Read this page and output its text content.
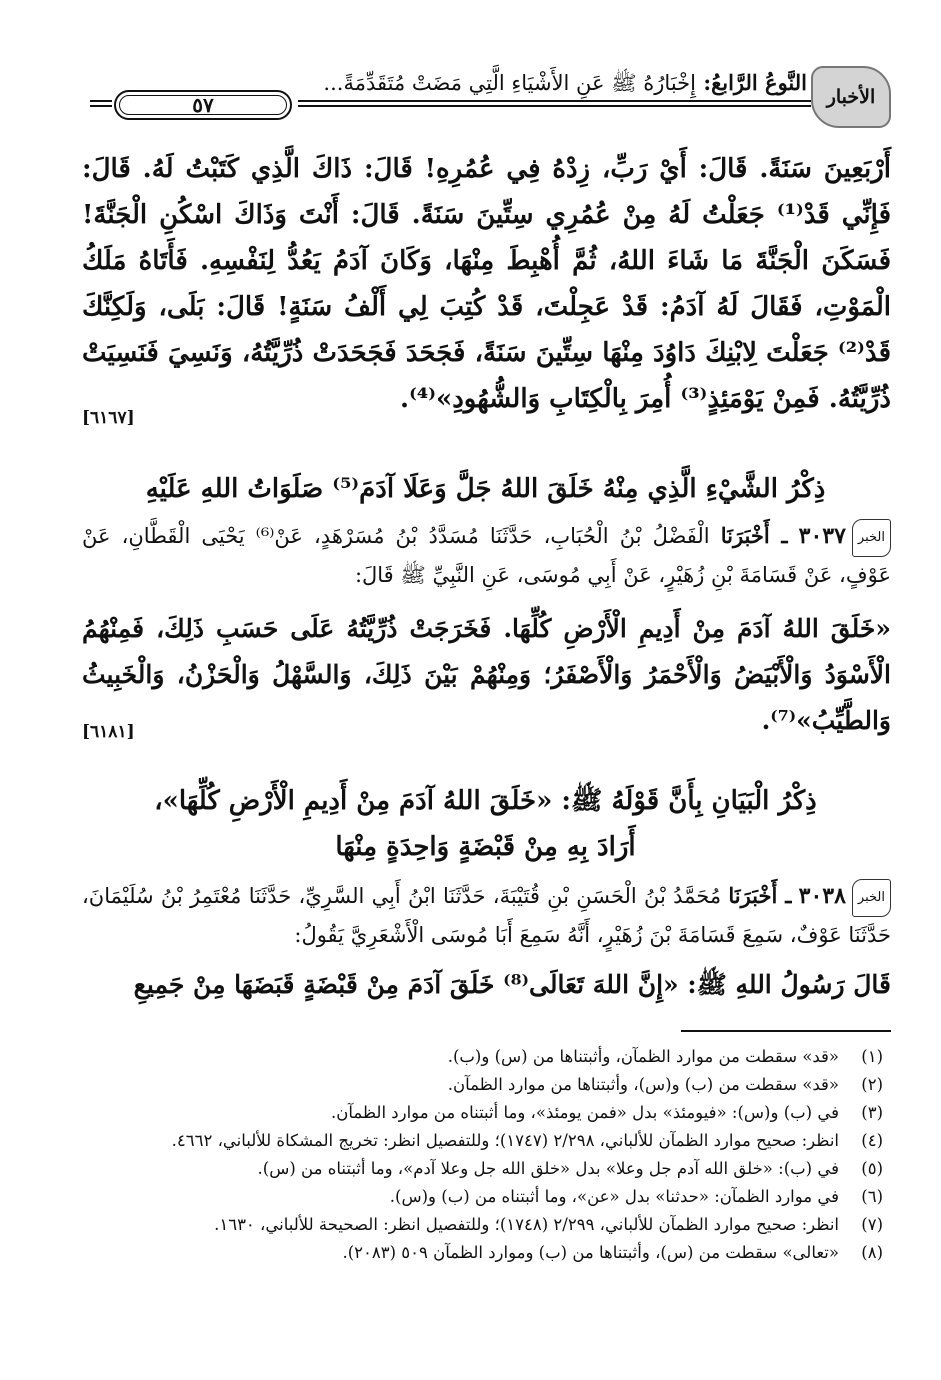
الأخبار
النَّوعُ الرَّابعُ: إِخْبَارُهُ ﷺ عَنِ الأَشْيَاءِ الَّتِي مَضَتْ مُتَقَدِّمَةً...
٥٧
أَرْبَعِينَ سَنَةً. قَالَ: أَيْ رَبِّ، زِدْهُ فِي عُمُرِهِ! قَالَ: ذَاكَ الَّذِي كَتَبْتُ لَهُ. قَالَ: فَإِنِّي قَدْ⁽¹⁾ جَعَلْتُ لَهُ مِنْ عُمُرِي سِتِّينَ سَنَةً. قَالَ: أَنْتَ وَذَاكَ اسْكُنِ الْجَنَّةَ! فَسَكَنَ الْجَنَّةَ مَا شَاءَ اللهُ، ثُمَّ أُهْبِطَ مِنْهَا، وَكَانَ آدَمُ يَعُدُّ لِنَفْسِهِ. فَأَتَاهُ مَلَكُ الْمَوْتِ، فَقَالَ لَهُ آدَمُ: قَدْ عَجِلْتَ، قَدْ كُتِبَ لِي أَلْفُ سَنَةٍ! قَالَ: بَلَى، وَلَكِنَّكَ قَدْ⁽²⁾ جَعَلْتَ لِابْنِكَ دَاوُدَ مِنْهَا سِتِّينَ سَنَةً، فَجَحَدَ فَجَحَدَتْ ذُرِّيَّتُهُ، وَنَسِيَ فَنَسِيَتْ ذُرِّيَّتُهُ. فَمِنْ يَوْمَئِذٍ⁽³⁾ أُمِرَ بِالْكِتَابِ وَالشُّهُودِ»⁽⁴⁾.
[٦١٦٧]
ذِكْرُ الشَّيْءِ الَّذِي مِنْهُ خَلَقَ اللهُ جَلَّ وَعَلَا آدَمَ⁽⁵⁾ صَلَوَاتُ اللهِ عَلَيْهِ
الخبر٣٠٣٧ ـ أَخْبَرَنَا الْفَضْلُ بْنُ الْحُبَابِ، حَدَّثَنَا مُسَدَّدُ بْنُ مُسَرْهَدٍ، عَنْ⁽⁶⁾ يَحْيَى الْقَطَّانِ، عَنْ عَوْفٍ، عَنْ قَسَامَةَ بْنِ زُهَيْرٍ، عَنْ أَبِي مُوسَى، عَنِ النَّبِيِّ ﷺ قَالَ:
«خَلَقَ اللهُ آدَمَ مِنْ أَدِيمِ الْأَرْضِ كُلِّهَا. فَخَرَجَتْ ذُرِّيَّتُهُ عَلَى حَسَبِ ذَلِكَ، فَمِنْهُمُ الْأَسْوَدُ وَالْأَبْيَضُ وَالْأَحْمَرُ وَالْأَصْفَرُ؛ وَمِنْهُمْ بَيْنَ ذَلِكَ، وَالسَّهْلُ وَالْحَزْنُ، وَالْخَبِيثُ وَالطَّيِّبُ»⁽⁷⁾.
[٦١٨١]
ذِكْرُ الْبَيَانِ بِأَنَّ قَوْلَهُ ﷺ: «خَلَقَ اللهُ آدَمَ مِنْ أَدِيمِ الْأَرْضِ كُلِّهَا»،
أَرَادَ بِهِ مِنْ قَبْضَةٍ وَاحِدَةٍ مِنْهَا
الخبر٣٠٣٨ ـ أَخْبَرَنَا مُحَمَّدُ بْنُ الْحَسَنِ بْنِ قُتَيْبَةَ، حَدَّثَنَا ابْنُ أَبِي السَّرِيِّ، حَدَّثَنَا مُعْتَمِرُ بْنُ سُلَيْمَانَ، حَدَّثَنَا عَوْفٌ، سَمِعَ قَسَامَةَ بْنَ زُهَيْرٍ، أَنَّهُ سَمِعَ أَبَا مُوسَى الْأَشْعَرِيَّ يَقُولُ:
قَالَ رَسُولُ اللهِ ﷺ: «إِنَّ اللهَ تَعَالَى⁽⁸⁾ خَلَقَ آدَمَ مِنْ قَبْضَةٍ قَبَضَهَا مِنْ جَمِيعِ
(١)
«قد» سقطت من موارد الظمآن، وأثبتناها من (س) و(ب).
(٢)
«قد» سقطت من (ب) و(س)، وأثبتناها من موارد الظمآن.
(٣)
في (ب) و(س): «فيومئذ» بدل «فمن يومئذ»، وما أثبتناه من موارد الظمآن.
(٤)
انظر: صحيح موارد الظمآن للألباني، ٢/٢٩٨ (١٧٤٧)؛ وللتفصيل انظر: تخريج المشكاة للألباني، ٤٦٦٢.
(٥)
في (ب): «خلق الله آدم جل وعلا» بدل «خلق الله جل وعلا آدم»، وما أثبتناه من (س).
(٦)
في موارد الظمآن: «حدثنا» بدل «عن»، وما أثبتناه من (ب) و(س).
(٧)
انظر: صحيح موارد الظمآن للألباني، ٢/٢٩٩ (١٧٤٨)؛ وللتفصيل انظر: الصحيحة للألباني، ١٦٣٠.
(٨)
«تعالى» سقطت من (س)، وأثبتناها من (ب) وموارد الظمآن ٥٠٩ (٢٠٨٣).
